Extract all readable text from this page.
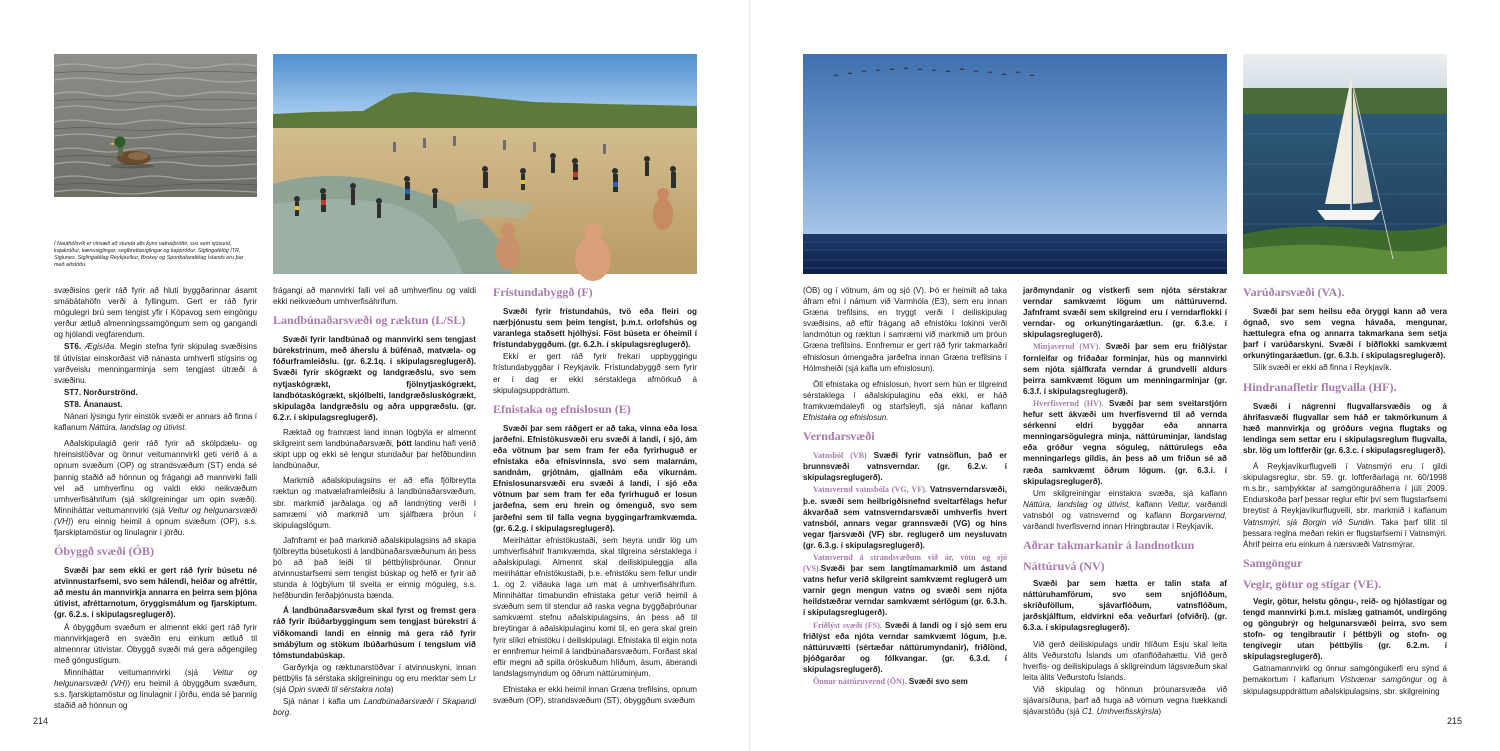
Í Nauthólsvík er vinsælt að stunda alls kyns vatnaíþróttir, svo sem sjósund, kajakróður, kænusiglingar, seglbrettasiglingar og kappróður. Siglingafélög ÍTR, Siglunes, Siglingafélag Reykjavíkur, Brokey og Sportkafarafélag Íslands eru þar með aðstöðu.

svæðisins gerir ráð fyrir að hluti byggðarinnar ásamt smábátahöfn verði á fyllingum. Gert er ráð fyrir mögulegri brú sem tengist yfir í Kópavog sem eingöngu verður ætluð almenningssamgöngum sem og gangandi og hjólandi vegfarendum.

ST6. Ægisíða. Megin stefna fyrir skipulag svæðisins til útivistar einskorðast við nánasta umhverfi stígsins og varðveislu menningarminja sem tengjast útræði á svæðinu.

ST7. Norðurströnd.

ST8. Ánanaust.

Nánari lýsingu fyrir einstök svæði er annars að finna í kaflanum Náttúra, landslag og útivist.

Aðalskipulagið gerir ráð fyrir að skólpdælu- og hreinsistöðvar og önnur veitumannvirki geti verið á a opnum svæðum (OP) og strandsvæðum (ST) enda sé þannig staðið að hönnun og frágangi að mannvirki falli vel að umhverfinu og valdi ekki neikvæðum umhverfisáhrifum (sjá skilgreiningar um opin svæði). Minniháttar veitumannvirki (sjá Veitur og helgunarsvæði (VH)) eru einnig heimil á opnum svæðum (OP), s.s. fjarskiptamöstur og línulagnir í jörðu.

Óbyggð svæði (ÓB)

Svæði þar sem ekki er gert ráð fyrir búsetu né atvinnustarfsemi, svo sem hálendi, heiðar og afréttir, að mestu án mannvirkja annarra en þeirra sem þjóna útivist, afréttarnotum, öryggismálum og fjarskiptum. (gr. 6.2.s. í skipulagsreglugerð).

Á óbyggðum svæðum er almennt ekki gert ráð fyrir mannvirkjagerð en svæðin eru einkum ætluð til almennrar útivistar. Óbyggð svæði má gera aðgengileg með göngustígum.

Minniháttar veitumannvirki (sjá Veitur og helgunarsvæði (VH)) eru heimil á óbyggðum svæðum, s.s. fjarskiptamöstur og línulagnir í jörðu, enda sé þannig staðið að hönnun og

frágangi að mannvirki falli vel að umhverfinu og valdi ekki neikvæðum umhverfisáhrifum.

Landbúnaðarsvæði og ræktun (L/SL)

Svæði fyrir landbúnað og mannvirki sem tengjast búrekstrinum, með áherslu á búfénað, matvæla- og fóðurframleiðslu. (gr. 6.2.1q. í skipulagsreglugerð). Svæði fyrir skógrækt og landgræðslu, svo sem nytjaskógrækt, fjölnytjaskógrækt, landbótaskógrækt, skjólbelti, landgræðsluskógrækt, skipulagða landgræðslu og aðra uppgræðslu. (gr. 6.2.r. í skipulagsreglugerð).

Ræktað og framræst land innan lögbýla er almennt skilgreint sem landbúnaðarsvæði, þótt landinu hafi verið skipt upp og ekki sé lengur stundaður þar hefðbundinn landbúnaður.

Markmið aðalskipulagsins er að efla fjölbreytta ræktun og matvælaframleiðslu á landbúnaðarsvæðum, sbr. markmið jarðalaga og að landnýting verði í samræmi við markmið um sjálfbæra þróun í skipulagslögum.

Jafnframt er það markmið aðalskipulagsins að skapa fjölbreytta búsetukosti á landbúnaðarsvæðunum án þess þó að það leiði til þéttbýlisþróunar. Önnur atvinnustarfsemi sem tengist búskap og hefð er fyrir að stunda á lögbýlum til sveita er einnig möguleg, s.s. hefðbundin ferðaþjónusta bænda.

Á landbúnaðarsvæðum skal fyrst og fremst gera ráð fyrir íbúðarbyggingum sem tengjast búrekstri á viðkomandi landi en einnig má gera ráð fyrir smábýlum og stökum íbúðarhúsum í tengslum við tómstundabúskap.

Garðyrkja og ræktunarstöðvar í atvinnuskyni, innan þéttbýlis fá sérstaka skilgreiningu og eru merktar sem Lr (sjá Opin svæði til sérstakra nota)

Sjá nánar í kafla um Landbúnaðarsvæði í Skapandi borg.

Frístundabyggð (F)

Svæði fyrir frístundahús, tvö eða fleiri og nærþjónustu sem þeim tengist, þ.m.t. orlofshús og varanlega staðsett hjólhýsi. Föst búseta er óheimil í frístundabyggðum. (gr. 6.2.h. í skipulagsreglugerð).

Ekki er gert ráð fyrir frekari uppbyggingu frístundabyggðar í Reykjavík. Frístundabyggð sem fyrir er í dag er ekki sérstaklega afmörkuð á skipulagsuppdráttum.

Efnistaka og efnislosun (E)

Svæði þar sem ráðgert er að taka, vinna eða losa jarðefni. Efnistökusvæði eru svæði á landi, í sjó, ám eða vötnum þar sem fram fer eða fyrirhuguð er efnistaka eða efnisvinnsla, svo sem malarnám, sandnám, grjótnám, gjallnám eða vikurnám. Efnislosunarsvæði eru svæði á landi, í sjó eða vötnum þar sem fram fer eða fyrirhuguð er losun jarðefna, sem eru hrein og ómenguð, svo sem jarðefni sem til falla vegna byggingarframkvæmda. (gr. 6.2.g. í skipulagsreglugerð).

Meiriháttar efnistökustaði, sem heyra undir lög um umhverfisáhrif framkvæmda, skal tilgreina sérstaklega í aðalskipulagi. Almennt skal deiliskipuleggja alla meiriháttar efnistökustaði, þ.e. efnistöku sem fellur undir 1. og 2. viðauka laga um mat á umhverfisáhrifum. Minniháttar tímabundin efnistaka getur verið heimil á svæðum sem til stendur að raska vegna byggðaþróunar samkvæmt stefnu aðalskipulagsins, án þess að til breytingar á aðalskipulaginu komi til, en gera skal grein fyrir slíkri efnistöku í deiliskipulagi. Efnistaka til eigin nota er ennfremur heimil á landbúnaðarsvæðum. Forðast skal eftir megni að spilla óröskuðum hlíðum, ásum, áberandi landslagsmyndum og öðrum náttúruminjum.

Efnistaka er ekki heimil innan Græna trefilsins, opnum svæðum (OP), strandsvæðum (ST), óbyggðum svæðum

214

(ÓB) og í vötnum, ám og sjó (V). Þó er heimilt að taka áfram efni í námum við Varmhóla (E3), sem eru innan Græna trefilsins, en tryggt verði í deiliskipulag svæðisins, að eftir frágang að efnistöku lokinni verði landmótun og ræktun í samræmi við markmið um þróun Græna trefilsins. Ennfremur er gert ráð fyrir takmarkaðri efnislosun ómengaðra jarðefna innan Græna trefilsins í Hólmsheiði (sjá kafla um efnislosun).

Öll efnistaka og efnislosun, hvort sem hún er tilgreind sérstaklega í aðalskipulaginu eða ekki, er háð framkvæmdaleyfi og starfsleyfi, sjá nánar kaflann Efnistaka og efnislosun.

Verndarsvæði

Vatnsból (VB) Svæði fyrir vatnsöflun, það er brunnsvæði vatnsverndar. (gr. 6.2.v. í skipulagsreglugerð).

Vatnsvernd vatnsbóla (VG, VF). Vatnsverndarsvæði, þ.e. svæði sem heilbrigðisnefnd sveitarfélags hefur ákvarðað sem vatnsverndarsvæði umhverfis hvert vatnsból, annars vegar grannsvæði (VG) og hins vegar fjarsvæði (VF) sbr. reglugerð um neysluvatn (gr. 6.3.g. í skipulagsreglugerð).

Vatnsvernd á strandsvæðum við ár, vötn og sjó (VS).Svæði þar sem langtímamarkmið um ástand vatns hefur verið skilgreint samkvæmt reglugerð um varnir gegn mengun vatns og svæði sem njóta heildstæðrar verndar samkvæmt sérlögum (gr. 6.3.h. í skipulagsreglugerð).

Friðlýst svæði (FS). Svæði á landi og í sjó sem eru friðlýst eða njóta verndar samkvæmt lögum, þ.e. náttúruvætti (sértæðar náttúrumyndanir), friðlönd, þjóðgarðar og fólkvangar. (gr. 6.3.d. í skipulagsreglugerð).

Önnur náttúruvernd (ÖN). Svæði svo sem

jarðmyndanir og vistkerfi sem njóta sérstakrar verndar samkvæmt lögum um náttúruvernd. Jafnframt svæði sem skilgreind eru í verndarflokki í verndar- og orkunýtingaráætlun. (gr. 6.3.e. í skipulagsreglugerð).

Minjavernd (MV). Svæði þar sem eru friðlýstar fornleifar og friðaðar forminjar, hús og mannvirki sem njóta sjálfkrafa verndar á grundvelli aldurs þeirra samkvæmt lögum um menningarminjar (gr. 6.3.f. í skipulagsreglugerð).

Hverfisvernd (HV). Svæði þar sem sveitarstjórn hefur sett ákvæði um hverfisvernd til að vernda sérkenni eldri byggðar eða annarra menningarsögulegra minja, náttúruminjar, landslag eða gróður vegna söguleg, náttúrulegs eða menningarlegs gildis, án þess að um friðun sé að ræða samkvæmt öðrum lögum. (gr. 6.3.i. í skipulagsreglugerð).

Um skilgreiningar einstakra svæða, sjá kaflann Náttúra, landslag og útivist, kaflann Veitur, varðandi vatnsból og vatnsvernd og kaflann Borgarvernd, varðandi hverfisvernd innan Hringbrautar í Reykjavík.

Aðrar takmarkanir á landnotkun
Náttúruvá (NV)

Svæði þar sem hætta er talin stafa af náttúruhamförum, svo sem snjóflóðum, skriðuföllum, sjávarflóðum, vatnsflóðum, jarðskjálftum, eldvirkni eða veðurfari (ofviðri). (gr. 6.3.a. í skipulagsreglugerð).

Við gerð deiliskipulags undir hlíðum Esju skal leita álits Veðurstofu Íslands um ofanflóðahættu. Við gerð hverfis- og deiliskipulags á skilgreindum lágsvæðum skal leita álits Veðurstofu Íslands.

Við skipulag og hönnun þróunarsvæða við sjávarsíðuna, þarf að huga að vörnum vegna hækkandi sjávarstöðu (sjá C1. Umhverfisskýrsla)

Varúðarsvæði (VA).

Svæði þar sem heilsu eða öryggi kann að vera ógnað, svo sem vegna hávaða, mengunar, hættulegra efna og annarra takmarkana sem setja þarf í varúðarskyni. Svæði í biðflokki samkvæmt orkunýtingaráætlun. (gr. 6.3.b. í skipulagsreglugerð).

Slík svæði er ekki að finna í Reykjavík.

Hindranafletir flugvalla (HF).

Svæði í nágrenni flugvallarsvæðis og á áhrifasvæði flugvallar sem háð er takmörkunum á hæð mannvirkja og gróðurs vegna flugtaks og lendinga sem settar eru í skipulagsreglum flugvalla, sbr. lög um loftferðir (gr. 6.3.c. í skipulagsreglugerð).

Á Reykjavíkurflugvelli í Vatnsmýri eru í gildi skipulagsreglur, sbr. 59. gr. loftferðarlaga nr. 60/1998 m.s.br., samþykktar af samgönguráðherra í júlí 2009. Endurskoða þarf þessar reglur eftir því sem flugstarfsemi breytist á Reykjavíkurflugvelli, sbr. markmið í kaflanum Vatnsmýri, sjá Borgin við Sundin. Taka þarf tillit til þessara reglna meðan rekin er flugstarfsemi í Vatnsmýri. Áhrif þeirra eru einkum á nærsvæði Vatnsmýrar.

Samgöngur
Vegir, götur og stígar (VE).

Vegir, götur, helstu göngu-, reið- og hjólastígar og tengd mannvirki þ.m.t. mislæg gatnamót, undirgöng og göngubrýr og helgunarsvæði þeirra, svo sem stofn- og tengibrautir í þéttbýli og stofn- og tengivegir utan þéttbýlis (gr. 6.2.m. í skipulagsreglugerð).

Gatnamannvirki og önnur samgöngukerfi eru sýnd á þemakortum í kaflanum Vistvænar samgöngur og á skipulagsuppdráttum aðalskipulagsins, sbr. skilgreining

215
